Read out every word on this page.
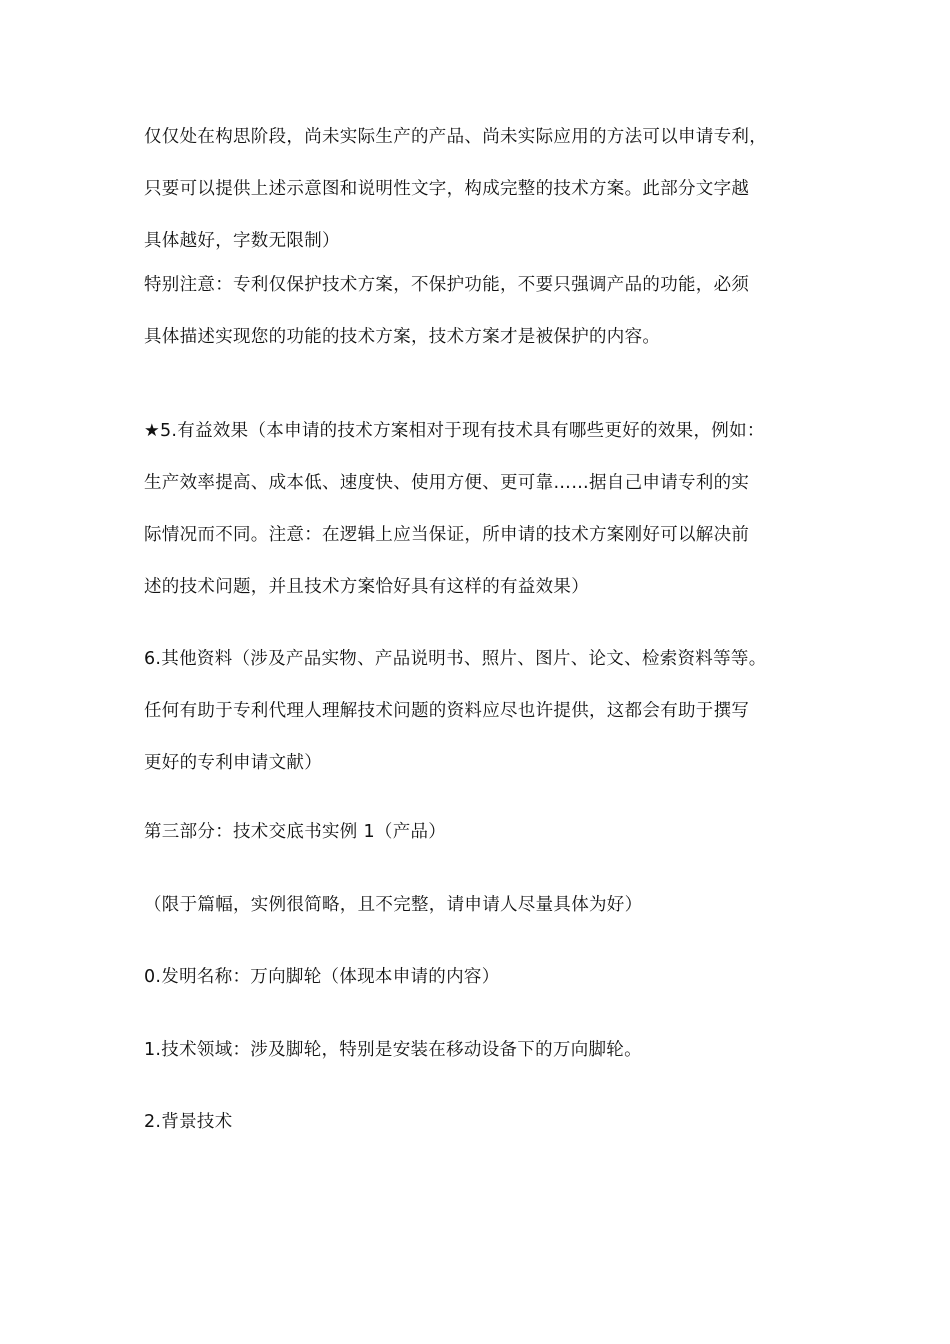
仅仅处在构思阶段，尚未实际生产的产品、尚未实际应用的方法可以申请专利，
只要可以提供上述示意图和说明性文字，构成完整的技术方案。此部分文字越
具体越好，字数无限制）
特别注意：专利仅保护技术方案，不保护功能，不要只强调产品的功能，必须
具体描述实现您的功能的技术方案，技术方案才是被保护的内容。
★5.有益效果（本申请的技术方案相对于现有技术具有哪些更好的效果，例如：
生产效率提高、成本低、速度快、使用方便、更可靠……据自己申请专利的实
际情况而不同。注意：在逻辑上应当保证，所申请的技术方案刚好可以解决前
述的技术问题，并且技术方案恰好具有这样的有益效果）
6.其他资料（涉及产品实物、产品说明书、照片、图片、论文、检索资料等等。
任何有助于专利代理人理解技术问题的资料应尽也许提供，这都会有助于撰写
更好的专利申请文献）
第三部分：技术交底书实例 1（产品）
（限于篇幅，实例很简略，且不完整，请申请人尽量具体为好）
0.发明名称：万向脚轮（体现本申请的内容）
1.技术领域：涉及脚轮，特别是安装在移动设备下的万向脚轮。
2.背景技术
